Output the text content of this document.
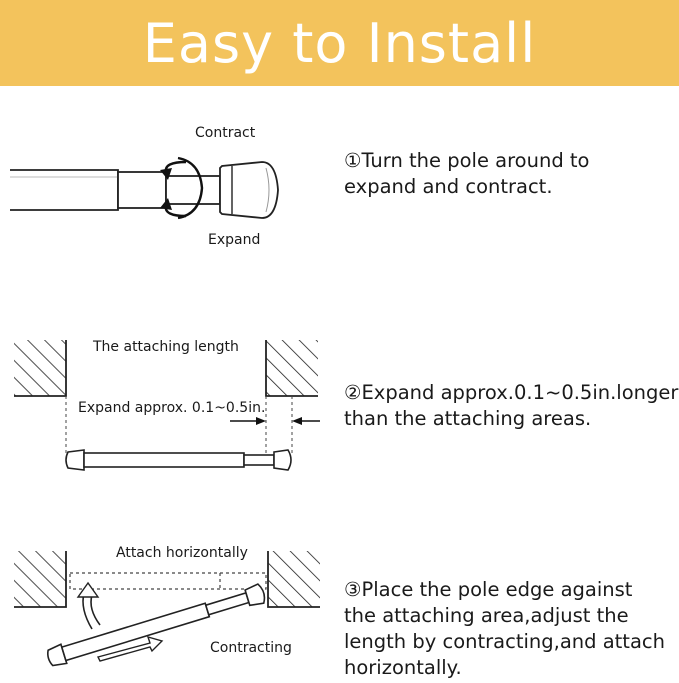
Easy to Install
Contract
Expand
①Turn the pole around to
expand and contract.
The attaching length
Expand approx. 0.1~0.5in.
②Expand approx.0.1~0.5in.longer
than the attaching areas.
Attach horizontally
Contracting
③Place the pole edge against
the attaching area,adjust the
length by contracting,and attach
horizontally.
